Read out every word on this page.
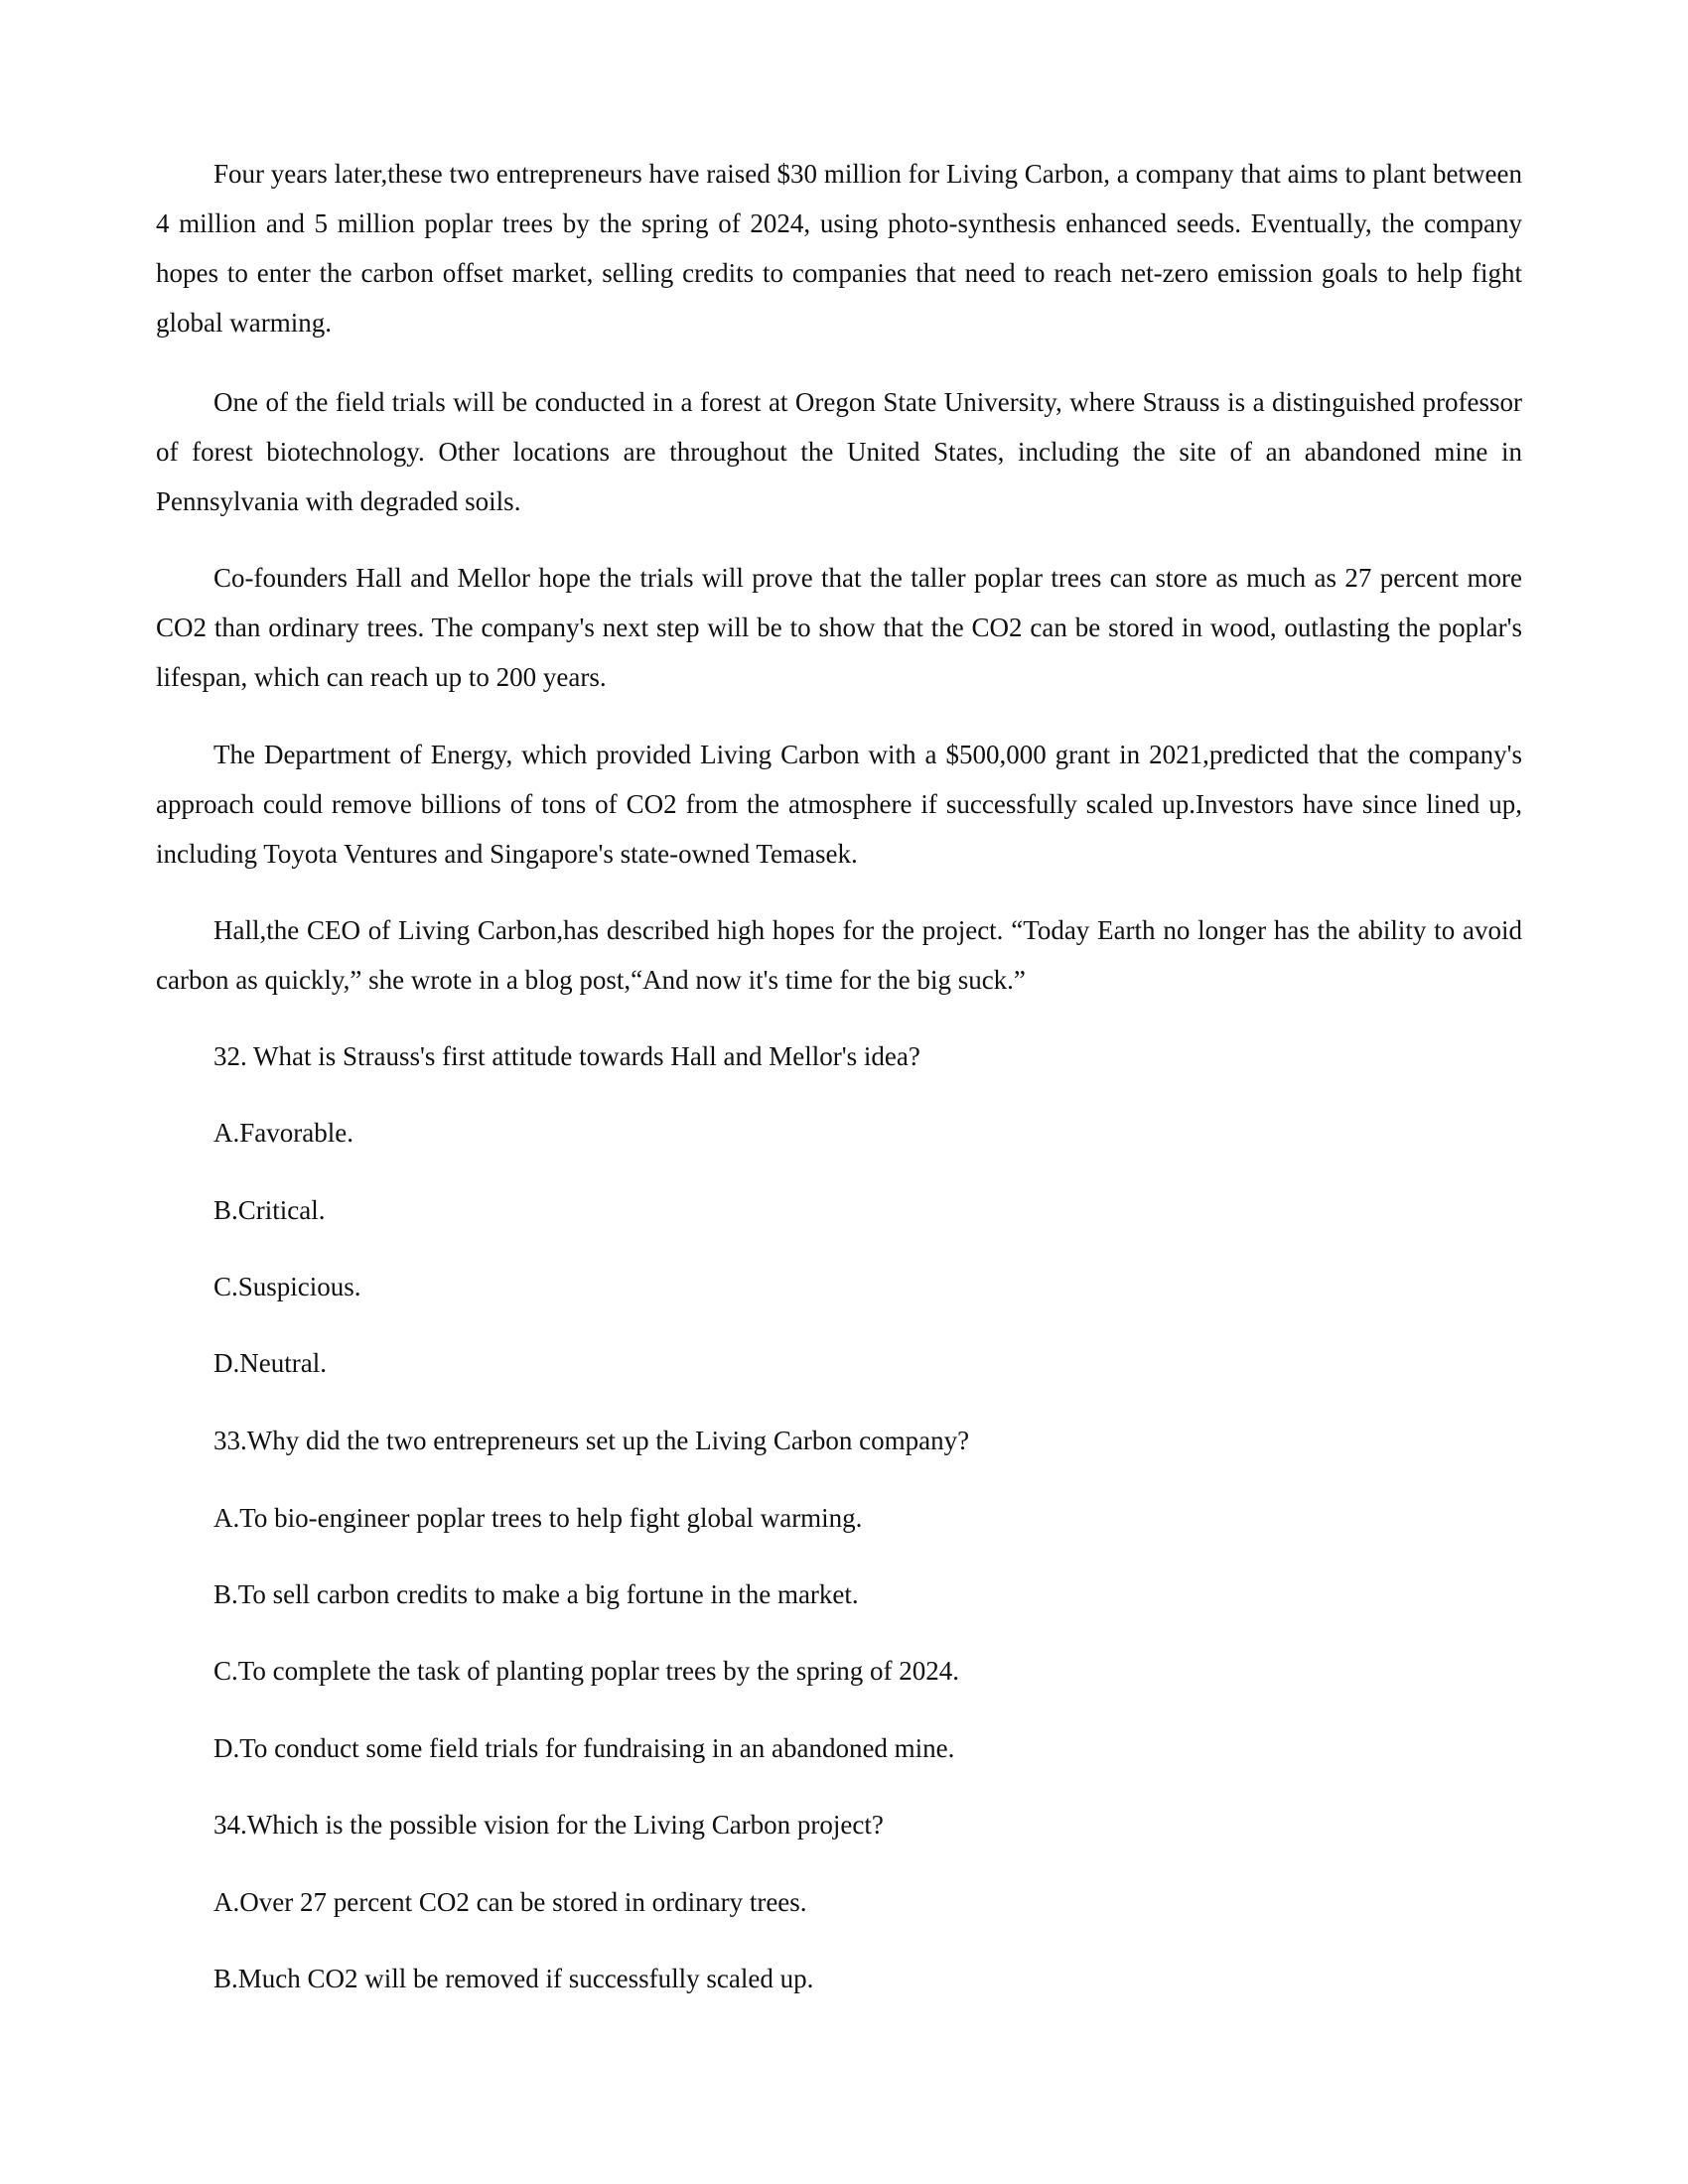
Four years later,these two entrepreneurs have raised $30 million for Living Carbon, a company that aims to plant between 4 million and 5 million poplar trees by the spring of 2024, using photo-synthesis enhanced seeds. Eventually, the company hopes to enter the carbon offset market, selling credits to companies that need to reach net-zero emission goals to help fight global warming.

One of the field trials will be conducted in a forest at Oregon State University, where Strauss is a distinguished professor of forest biotechnology. Other locations are throughout the United States, including the site of an abandoned mine in Pennsylvania with degraded soils.

Co-founders Hall and Mellor hope the trials will prove that the taller poplar trees can store as much as 27 percent more CO2 than ordinary trees. The company's next step will be to show that the CO2 can be stored in wood, outlasting the poplar's lifespan, which can reach up to 200 years.

The Department of Energy, which provided Living Carbon with a $500,000 grant in 2021,predicted that the company's approach could remove billions of tons of CO2 from the atmosphere if successfully scaled up.Investors have since lined up, including Toyota Ventures and Singapore's state-owned Temasek.

Hall,the CEO of Living Carbon,has described high hopes for the project. “Today Earth no longer has the ability to avoid carbon as quickly,” she wrote in a blog post,“And now it's time for the big suck.”

32. What is Strauss's first attitude towards Hall and Mellor's idea?

A.Favorable.

B.Critical.

C.Suspicious.

D.Neutral.

33.Why did the two entrepreneurs set up the Living Carbon company?

A.To bio-engineer poplar trees to help fight global warming.

B.To sell carbon credits to make a big fortune in the market.

C.To complete the task of planting poplar trees by the spring of 2024.

D.To conduct some field trials for fundraising in an abandoned mine.

34.Which is the possible vision for the Living Carbon project?

A.Over 27 percent CO2 can be stored in ordinary trees.

B.Much CO2 will be removed if successfully scaled up.
